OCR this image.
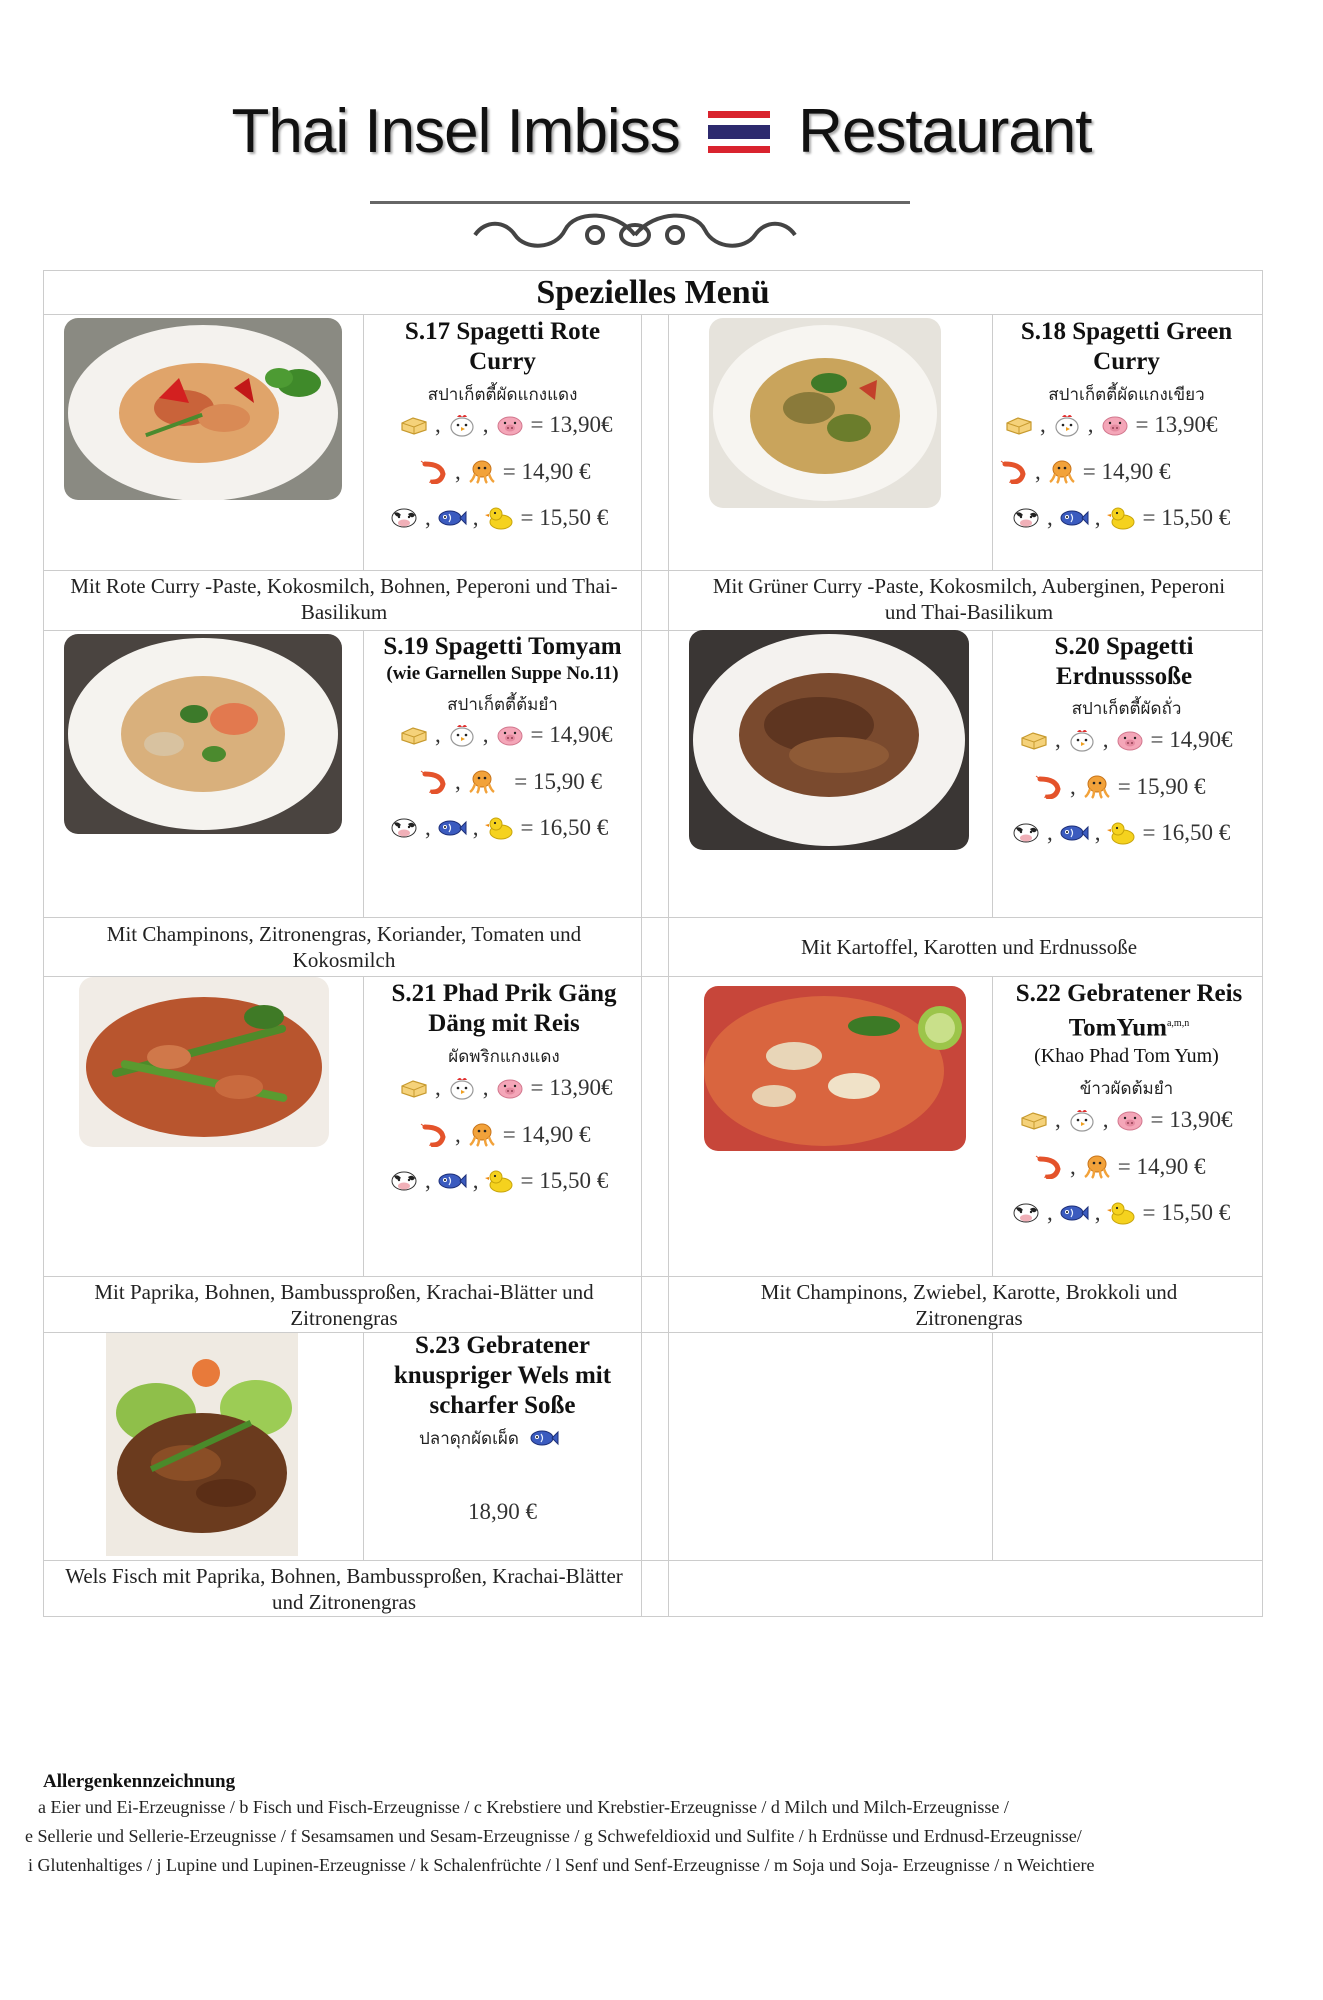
Thai Insel Imbiss Restaurant
Spezielles Menü
S.17 Spagetti Rote Curry
สปาเก็ตตี้ผัดแกงแดง
, ,	= 13,90€
,	= 14,90 €
, ,	= 15,50 €
Mit Rote Curry -Paste, Kokosmilch, Bohnen, Peperoni und Thai-Basilikum
S.18 Spagetti Green Curry
สปาเก็ตตี้ผัดแกงเขียว
, ,	= 13,90€
,	= 14,90 €
, ,	= 15,50 €
Mit Grüner Curry -Paste, Kokosmilch, Auberginen, Peperoni und Thai-Basilikum
S.19 Spagetti Tomyam
(wie Garnellen Suppe No.11)
สปาเก็ตตี้ต้มยำ
, ,	= 14,90€
,	= 15,90 €
, ,	= 16,50 €
Mit Champinons, Zitronengras, Koriander, Tomaten und Kokosmilch
S.20 Spagetti Erdnusssoße
สปาเก็ตตี้ผัดถั่ว
, ,	= 14,90€
,	= 15,90 €
, ,	= 16,50 €
Mit Kartoffel, Karotten und Erdnussoße
S.21 Phad Prik Gäng Däng mit Reis
ผัดพริกแกงแดง
, ,	= 13,90€
,	= 14,90 €
, ,	= 15,50 €
Mit Paprika, Bohnen, Bambussproßen, Krachai-Blätter und Zitronengras
S.22 Gebratener Reis TomYum$^{a,m,n}$
(Khao Phad Tom Yum)
ข้าวผัดต้มยำ
, ,	= 13,90€
,	= 14,90 €
, ,	= 15,50 €
Mit Champinons, Zwiebel, Karotte, Brokkoli und Zitronengras
S.23 Gebratener knuspriger Wels mit scharfer Soße
ปลาดุกผัดเผ็ด
18,90 €
Wels Fisch mit Paprika, Bohnen, Bambussproßen, Krachai-Blätter und Zitronengras
Allergenkennzeichnung
a Eier und Ei-Erzeugnisse / b Fisch und Fisch-Erzeugnisse / c Krebstiere und Krebstier-Erzeugnisse / d Milch und Milch-Erzeugnisse /
e Sellerie und Sellerie-Erzeugnisse / f Sesamsamen und Sesam-Erzeugnisse / g Schwefeldioxid und Sulfite / h Erdnüsse und Erdnusd-Erzeugnisse/
i Glutenhaltiges / j Lupine und Lupinen-Erzeugnisse / k Schalenfrüchte / l Senf und Senf-Erzeugnisse / m Soja und Soja- Erzeugnisse / n Weichtiere
